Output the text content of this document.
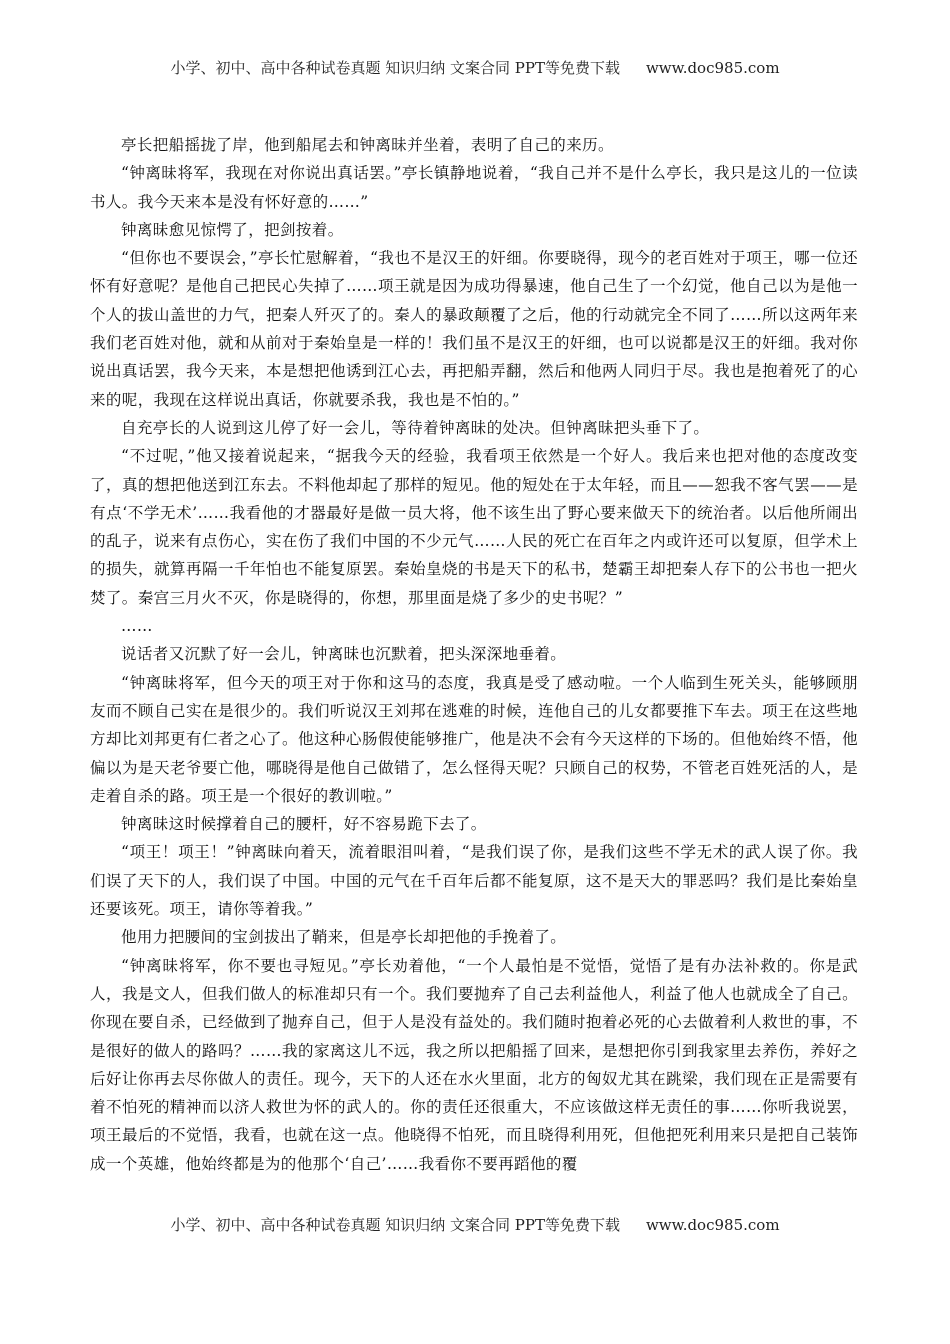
小学、初中、高中各种试卷真题 知识归纳 文案合同 PPT等免费下载 www.doc985.com

亭长把船摇拢了岸，他到船尾去和钟离昧并坐着，表明了自己的来历。

“钟离昧将军，我现在对你说出真话罢。”亭长镇静地说着，“我自己并不是什么亭长，我只是这儿的一位读书人。我今天来本是没有怀好意的……”

钟离昧愈见惊愕了，把剑按着。

“但你也不要误会，”亭长忙慰解着，“我也不是汉王的奸细。你要晓得，现今的老百姓对于项王，哪一位还怀有好意呢？是他自己把民心失掉了……项王就是因为成功得暴速，他自己生了一个幻觉，他自己以为是他一个人的拔山盖世的力气，把秦人歼灭了的。秦人的暴政颠覆了之后，他的行动就完全不同了……所以这两年来我们老百姓对他，就和从前对于秦始皇是一样的！我们虽不是汉王的奸细，也可以说都是汉王的奸细。我对你说出真话罢，我今天来，本是想把他诱到江心去，再把船弄翻，然后和他两人同归于尽。我也是抱着死了的心来的呢，我现在这样说出真话，你就要杀我，我也是不怕的。”

自充亭长的人说到这儿停了好一会儿，等待着钟离昧的处决。但钟离昧把头垂下了。

“不过呢，”他又接着说起来，“据我今天的经验，我看项王依然是一个好人。我后来也把对他的态度改变了，真的想把他送到江东去。不料他却起了那样的短见。他的短处在于太年轻，而且——恕我不客气罢——是有点‘不学无术’……我看他的才器最好是做一员大将，他不该生出了野心要来做天下的统治者。以后他所闹出的乱子，说来有点伤心，实在伤了我们中国的不少元气……人民的死亡在百年之内或许还可以复原，但学术上的损失，就算再隔一千年怕也不能复原罢。秦始皇烧的书是天下的私书，楚霸王却把秦人存下的公书也一把火焚了。秦宫三月火不灭，你是晓得的，你想，那里面是烧了多少的史书呢？”

……

说话者又沉默了好一会儿，钟离昧也沉默着，把头深深地垂着。

“钟离昧将军，但今天的项王对于你和这马的态度，我真是受了感动啦。一个人临到生死关头，能够顾朋友而不顾自己实在是很少的。我们听说汉王刘邦在逃难的时候，连他自己的儿女都要推下车去。项王在这些地方却比刘邦更有仁者之心了。他这种心肠假使能够推广，他是决不会有今天这样的下场的。但他始终不悟，他偏以为是天老爷要亡他，哪晓得是他自己做错了，怎么怪得天呢？只顾自己的权势，不管老百姓死活的人，是走着自杀的路。项王是一个很好的教训啦。”

钟离昧这时候撑着自己的腰杆，好不容易跪下去了。

“项王！项王！”钟离昧向着天，流着眼泪叫着，“是我们误了你，是我们这些不学无术的武人误了你。我们误了天下的人，我们误了中国。中国的元气在千百年后都不能复原，这不是天大的罪恶吗？我们是比秦始皇还要该死。项王，请你等着我。”

他用力把腰间的宝剑拔出了鞘来，但是亭长却把他的手挽着了。

“钟离昧将军，你不要也寻短见。”亭长劝着他，“一个人最怕是不觉悟，觉悟了是有办法补救的。你是武人，我是文人，但我们做人的标准却只有一个。我们要抛弃了自己去利益他人，利益了他人也就成全了自己。你现在要自杀，已经做到了抛弃自己，但于人是没有益处的。我们随时抱着必死的心去做着利人救世的事，不是很好的做人的路吗？……我的家离这儿不远，我之所以把船摇了回来，是想把你引到我家里去养伤，养好之后好让你再去尽你做人的责任。现今，天下的人还在水火里面，北方的匈奴尤其在跳梁，我们现在正是需要有着不怕死的精神而以济人救世为怀的武人的。你的责任还很重大，不应该做这样无责任的事……你听我说罢，项王最后的不觉悟，我看，也就在这一点。他晓得不怕死，而且晓得利用死，但他把死利用来只是把自己装饰成一个英雄，他始终都是为的他那个‘自己’……我看你不要再蹈他的覆

小学、初中、高中各种试卷真题 知识归纳 文案合同 PPT等免费下载 www.doc985.com
